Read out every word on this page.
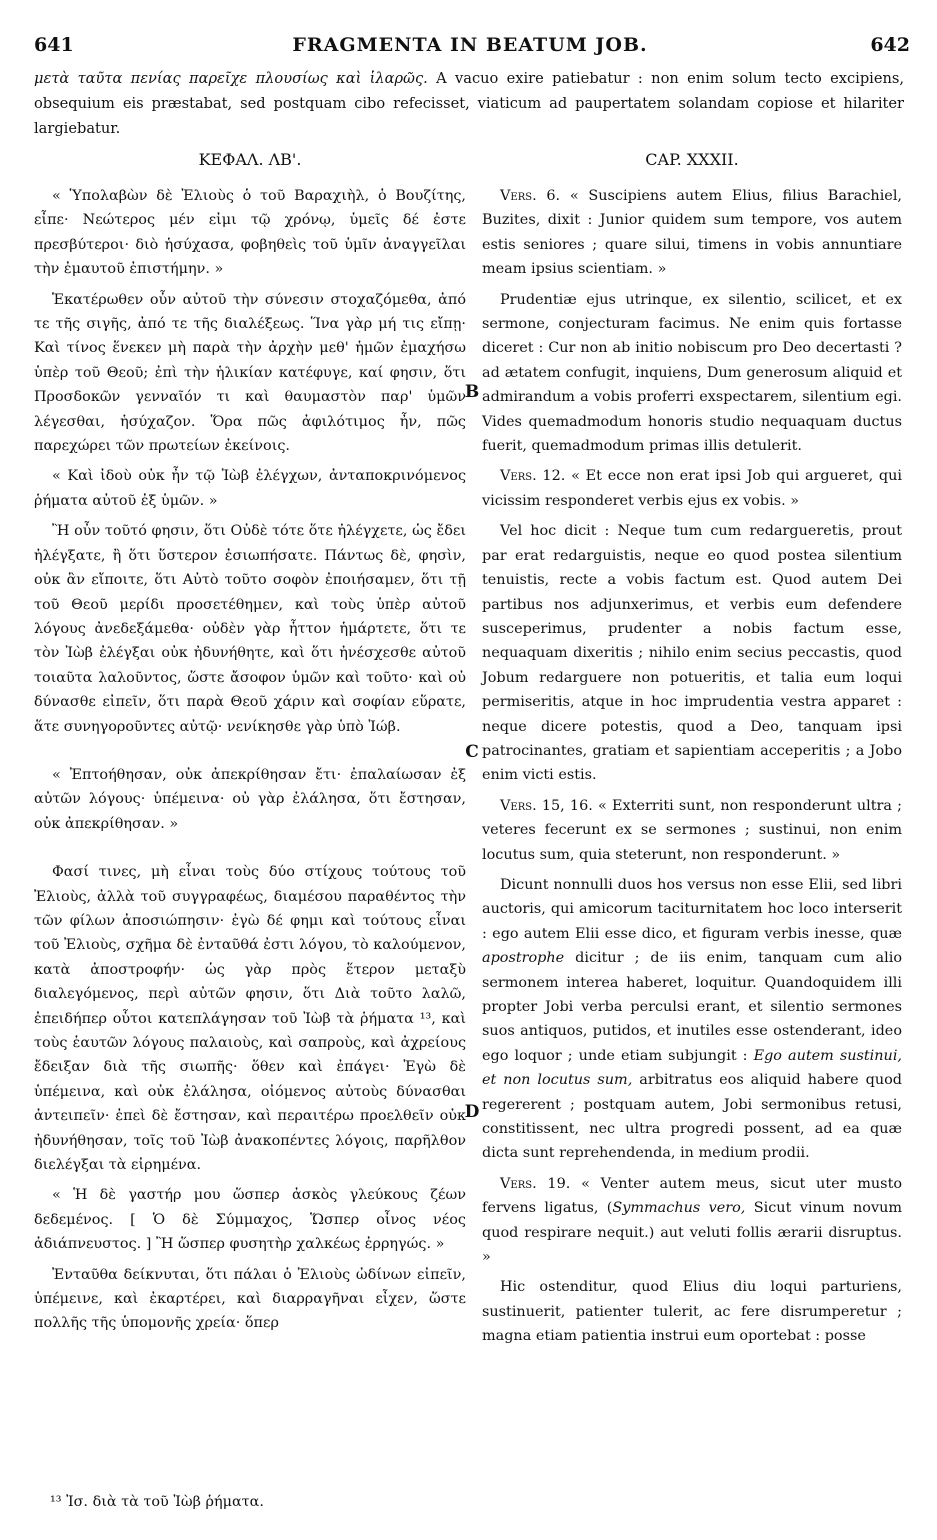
641	FRAGMENTA IN BEATUM JOB.	642
μετὰ ταῦτα πενίας παρεῖχε πλουσίως καὶ ἱλαρῶς. A vacuo exire patiebatur : non enim solum tecto excipiens, obsequium eis præstabat, sed postquam cibo refecisset, viaticum ad paupertatem solandam copiose et hilariter largiebatur.
ΚΕΦΑΛ. ΛΒ'.

« Ὑπολαβὼν δὲ Ἐλιοὺς ὁ τοῦ Βαραχιὴλ, ὁ Βουζίτης, εἶπε· Νεώτερος μέν εἰμι τῷ χρόνῳ, ὑμεῖς δέ ἐστε πρεσβύτεροι· διὸ ἡσύχασα, φοβηθεὶς τοῦ ὑμῖν ἀναγγεῖλαι τὴν ἐμαυτοῦ ἐπιστήμην. »

Ἑκατέρωθεν οὖν αὐτοῦ τὴν σύνεσιν στοχαζόμεθα, ἀπό τε τῆς σιγῆς, ἀπό τε τῆς διαλέξεως. Ἵνα γὰρ μή τις εἴπῃ· Καὶ τίνος ἕνεκεν μὴ παρὰ τὴν ἀρχὴν μεθ' ἡμῶν ἐμαχήσω ὑπὲρ τοῦ Θεοῦ; ἐπὶ τὴν ἡλικίαν κατέφυγε, καί φησιν, ὅτι Προσδοκῶν γενναῖόν τι καὶ θαυμαστὸν παρ' ὑμῶν λέγεσθαι, ἡσύχαζον. Ὅρα πῶς ἀφιλότιμος ἦν, πῶς παρεχώρει τῶν πρωτείων ἐκείνοις.

« Καὶ ἰδοὺ οὐκ ἦν τῷ Ἰὼβ ἐλέγχων, ἀνταποκρινόμενος ῥήματα αὐτοῦ ἐξ ὑμῶν. »

Ἢ οὖν τοῦτό φησιν, ὅτι Οὐδὲ τότε ὅτε ἠλέγχετε, ὡς ἔδει ἠλέγξατε, ἢ ὅτι ὕστερον ἐσιωπήσατε. Πάντως δὲ, φησὶν, οὐκ ἂν εἴποιτε, ὅτι Αὐτὸ τοῦτο σοφὸν ἐποιήσαμεν, ὅτι τῇ τοῦ Θεοῦ μερίδι προσετέθημεν, καὶ τοὺς ὑπὲρ αὐτοῦ λόγους ἀνεδεξάμεθα· οὐδὲν γὰρ ἧττον ἡμάρτετε, ὅτι τε τὸν Ἰὼβ ἐλέγξαι οὐκ ἠδυνήθητε, καὶ ὅτι ἠνέσχεσθε αὐτοῦ τοιαῦτα λαλοῦντος, ὥστε ἄσοφον ὑμῶν καὶ τοῦτο· καὶ οὐ δύνασθε εἰπεῖν, ὅτι παρὰ Θεοῦ χάριν καὶ σοφίαν εὕρατε, ἅτε συνηγοροῦντες αὐτῷ· νενίκησθε γὰρ ὑπὸ Ἰώβ.

« Ἐπτοήθησαν, οὐκ ἀπεκρίθησαν ἔτι· ἐπαλαίωσαν ἐξ αὐτῶν λόγους· ὑπέμεινα· οὐ γὰρ ἐλάλησα, ὅτι ἔστησαν, οὐκ ἀπεκρίθησαν. »

Φασί τινες, μὴ εἶναι τοὺς δύο στίχους τούτους τοῦ Ἐλιοὺς, ἀλλὰ τοῦ συγγραφέως, διαμέσου παραθέντος τὴν τῶν φίλων ἀποσιώπησιν· ἐγὼ δέ φημι καὶ τούτους εἶναι τοῦ Ἐλιοὺς, σχῆμα δὲ ἐνταῦθά ἐστι λόγου, τὸ καλούμενον, κατὰ ἀποστροφήν· ὡς γὰρ πρὸς ἕτερον μεταξὺ διαλεγόμενος, περὶ αὐτῶν φησιν, ὅτι Διὰ τοῦτο λαλῶ, ἐπειδήπερ οὗτοι κατεπλάγησαν τοῦ Ἰὼβ τὰ ῥήματα ¹³, καὶ τοὺς ἑαυτῶν λόγους παλαιοὺς, καὶ σαπροὺς, καὶ ἀχρείους ἔδειξαν διὰ τῆς σιωπῆς· ὅθεν καὶ ἐπάγει· Ἐγὼ δὲ ὑπέμεινα, καὶ οὐκ ἐλάλησα, οἰόμενος αὐτοὺς δύνασθαι ἀντειπεῖν· ἐπεὶ δὲ ἔστησαν, καὶ περαιτέρω προελθεῖν οὐκ ἠδυνήθησαν, τοῖς τοῦ Ἰὼβ ἀνακοπέντες λόγοις, παρῆλθον διελέγξαι τὰ εἰρημένα.

« Ἡ δὲ γαστήρ μου ὥσπερ ἀσκὸς γλεύκους ζέων δεδεμένος. [ Ὁ δὲ Σύμμαχος, Ὥσπερ οἶνος νέος ἀδιάπνευστος. ] Ἢ ὥσπερ φυσητὴρ χαλκέως ἐρρηγώς. »

Ἐνταῦθα δείκνυται, ὅτι πάλαι ὁ Ἐλιοὺς ὠδίνων εἰπεῖν, ὑπέμεινε, καὶ ἐκαρτέρει, καὶ διαρραγῆναι εἶχεν, ὥστε πολλῆς τῆς ὑπομονῆς χρεία· ὅπερ

B
C
D
CAP. XXXII.

Vers. 6. « Suscipiens autem Elius, filius Barachiel, Buzites, dixit : Junior quidem sum tempore, vos autem estis seniores ; quare silui, timens in vobis annuntiare meam ipsius scientiam. »

Prudentiæ ejus utrinque, ex silentio, scilicet, et ex sermone, conjecturam facimus. Ne enim quis fortasse diceret : Cur non ab initio nobiscum pro Deo decertasti ? ad ætatem confugit, inquiens, Dum generosum aliquid et admirandum a vobis proferri exspectarem, silentium egi. Vides quemadmodum honoris studio nequaquam ductus fuerit, quemadmodum primas illis detulerit.

Vers. 12. « Et ecce non erat ipsi Job qui argueret, qui vicissim responderet verbis ejus ex vobis. »

Vel hoc dicit : Neque tum cum redargueretis, prout par erat redarguistis, neque eo quod postea silentium tenuistis, recte a vobis factum est. Quod autem Dei partibus nos adjunxerimus, et verbis eum defendere susceperimus, prudenter a nobis factum esse, nequaquam dixeritis ; nihilo enim secius peccastis, quod Jobum redarguere non potueritis, et talia eum loqui permiseritis, atque in hoc imprudentia vestra apparet : neque dicere potestis, quod a Deo, tanquam ipsi patrocinantes, gratiam et sapientiam acceperitis ; a Jobo enim victi estis.

Vers. 15, 16. « Exterriti sunt, non responderunt ultra ; veteres fecerunt ex se sermones ; sustinui, non enim locutus sum, quia steterunt, non responderunt. »

Dicunt nonnulli duos hos versus non esse Elii, sed libri auctoris, qui amicorum taciturnitatem hoc loco interserit : ego autem Elii esse dico, et figuram verbis inesse, quæ apostrophe dicitur ; de iis enim, tanquam cum alio sermonem interea haberet, loquitur. Quandoquidem illi propter Jobi verba perculsi erant, et silentio sermones suos antiquos, putidos, et inutiles esse ostenderant, ideo ego loquor ; unde etiam subjungit : Ego autem sustinui, et non locutus sum, arbitratus eos aliquid habere quod regererent ; postquam autem, Jobi sermonibus retusi, constitissent, nec ultra progredi possent, ad ea quæ dicta sunt reprehendenda, in medium prodii.

Vers. 19. « Venter autem meus, sicut uter musto fervens ligatus, (Symmachus vero, Sicut vinum novum quod respirare nequit.) aut veluti follis ærarii disruptus. »

Hic ostenditur, quod Elius diu loqui parturiens, sustinuerit, patienter tulerit, ac fere disrumperetur ; magna etiam patientia instrui eum oportebat : posse

¹³ Ἰσ. διὰ τὰ τοῦ Ἰὼβ ῥήματα.
